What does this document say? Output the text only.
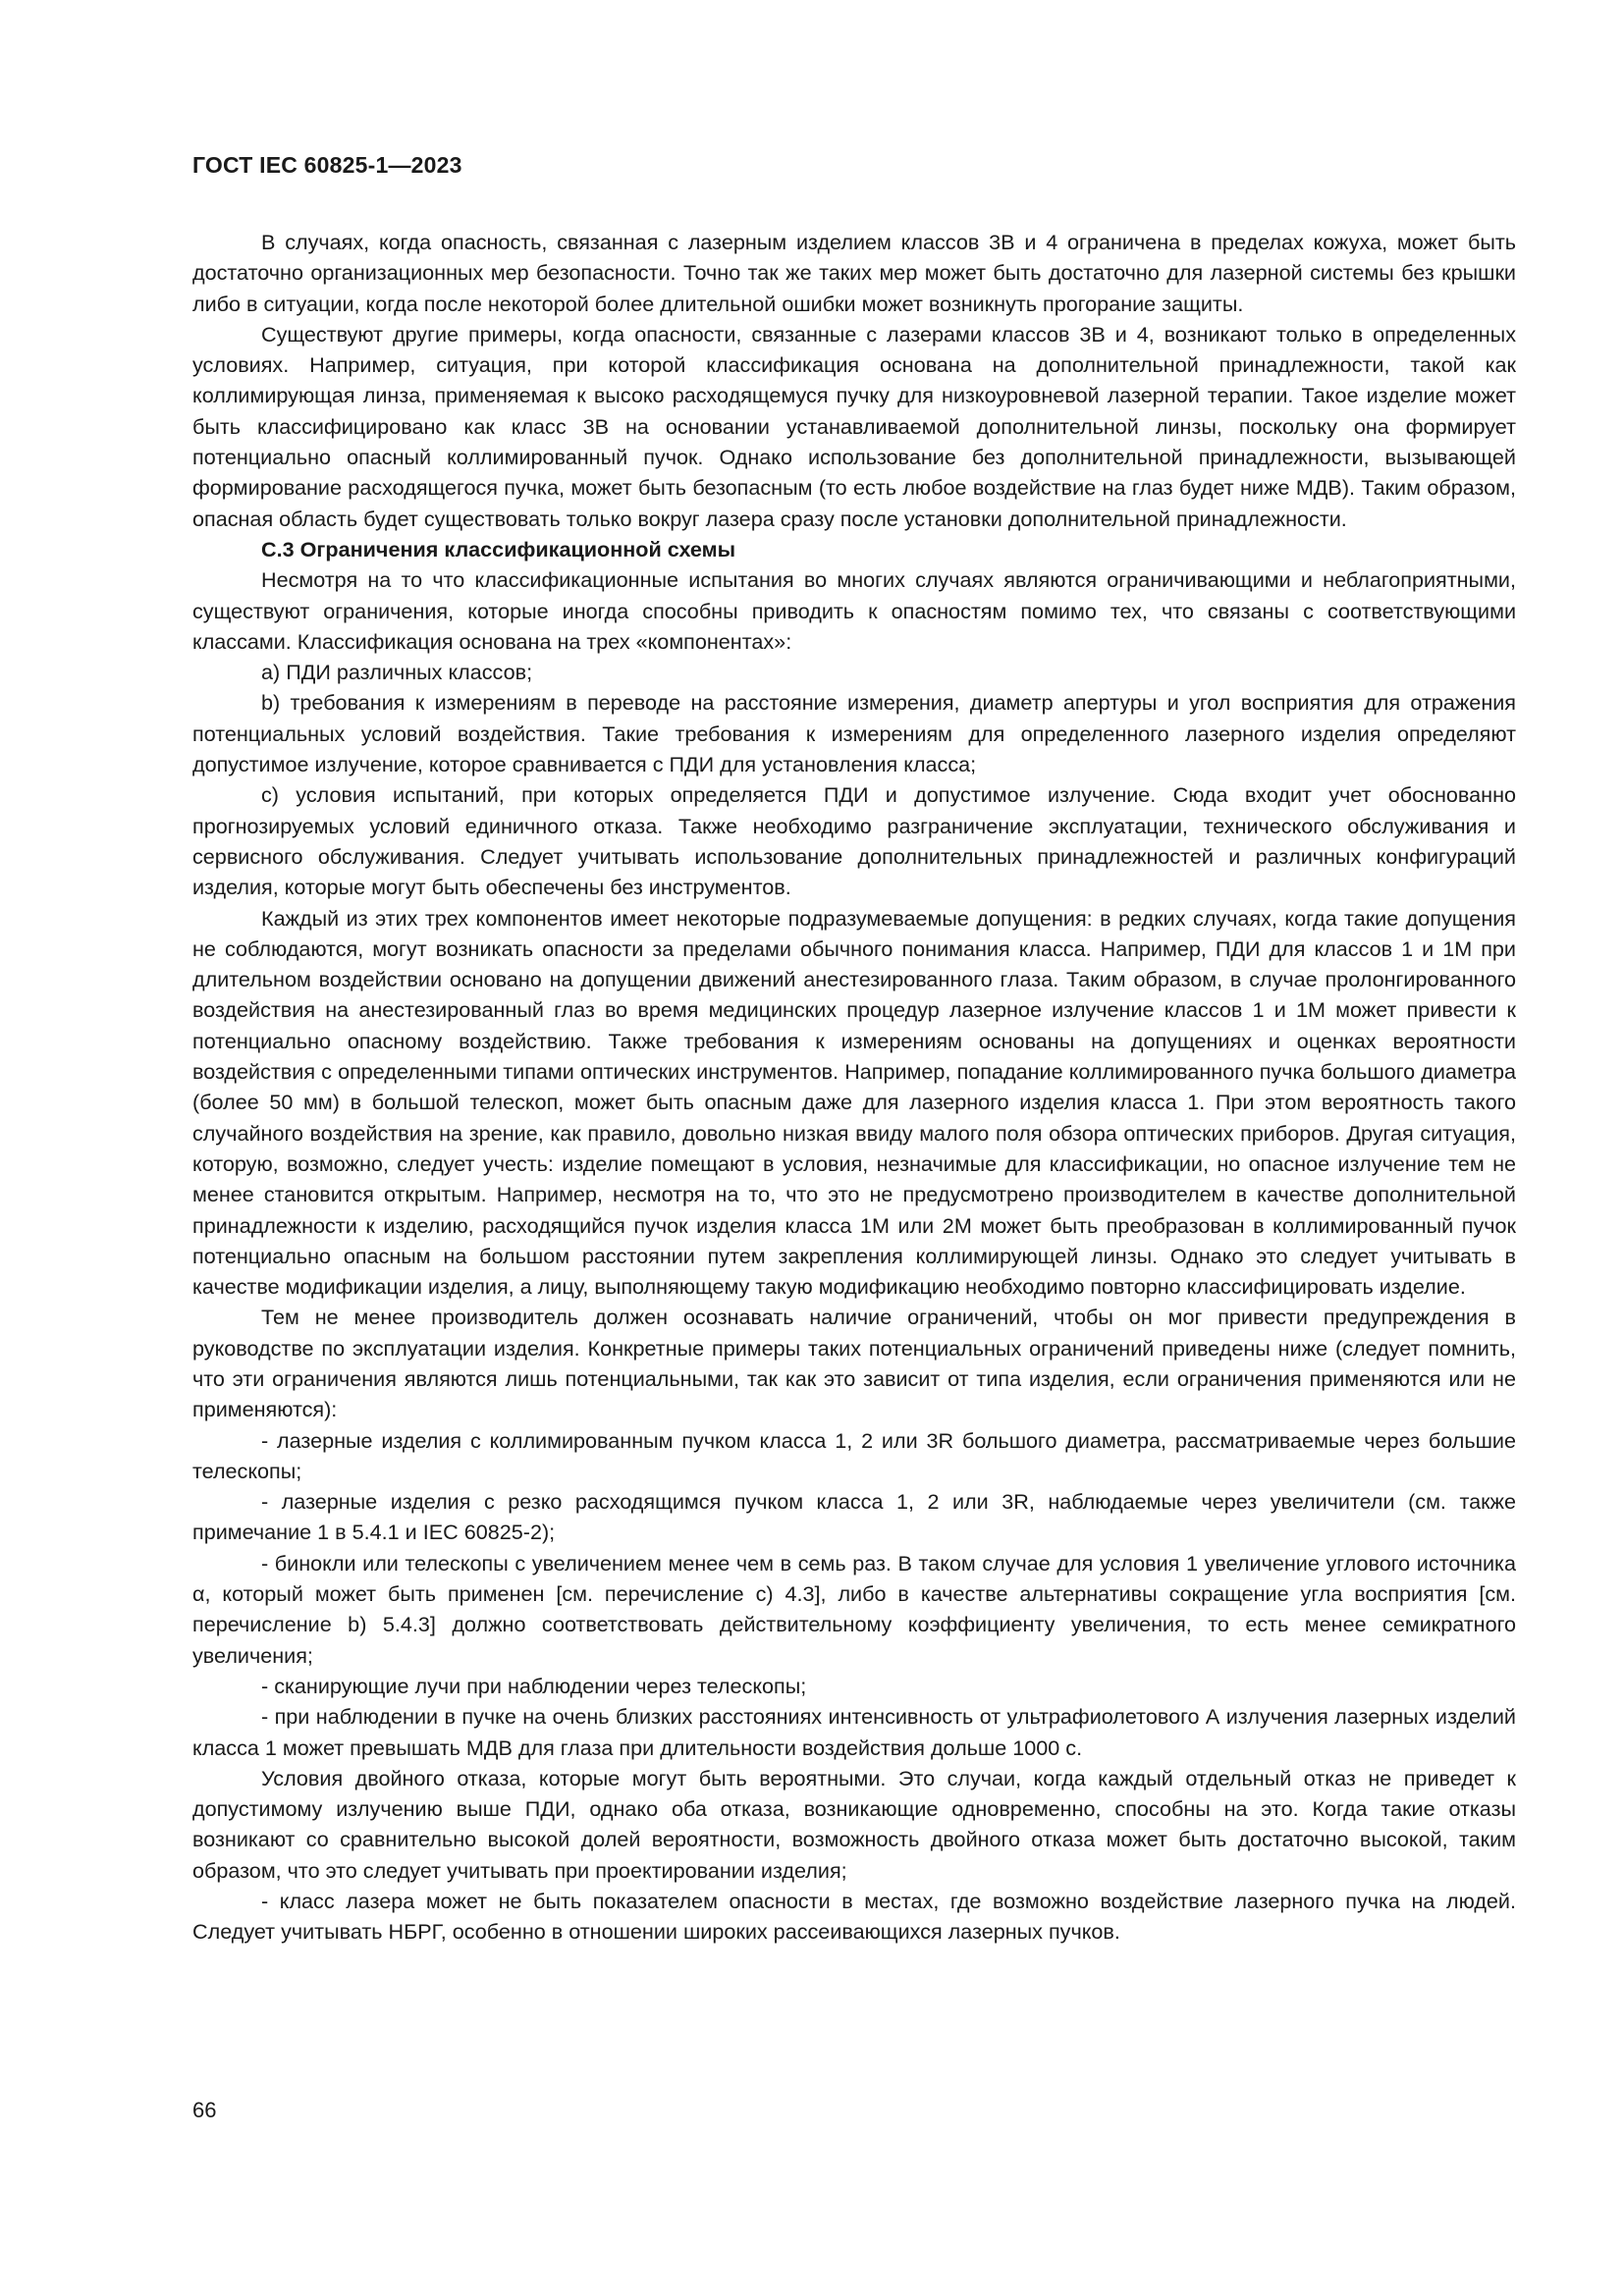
ГОСТ IEC 60825-1—2023

В случаях, когда опасность, связанная с лазерным изделием классов 3В и 4 ограничена в пределах кожуха, может быть достаточно организационных мер безопасности. Точно так же таких мер может быть достаточно для лазерной системы без крышки либо в ситуации, когда после некоторой более длительной ошибки может возникнуть прогорание защиты.

Существуют другие примеры, когда опасности, связанные с лазерами классов 3В и 4, возникают только в определенных условиях. Например, ситуация, при которой классификация основана на дополнительной принадлежности, такой как коллимирующая линза, применяемая к высоко расходящемуся пучку для низкоуровневой лазерной терапии. Такое изделие может быть классифицировано как класс 3В на основании устанавливаемой дополнительной линзы, поскольку она формирует потенциально опасный коллимированный пучок. Однако использование без дополнительной принадлежности, вызывающей формирование расходящегося пучка, может быть безопасным (то есть любое воздействие на глаз будет ниже МДВ). Таким образом, опасная область будет существовать только вокруг лазера сразу после установки дополнительной принадлежности.

С.3 Ограничения классификационной схемы

Несмотря на то что классификационные испытания во многих случаях являются ограничивающими и неблагоприятными, существуют ограничения, которые иногда способны приводить к опасностям помимо тех, что связаны с соответствующими классами. Классификация основана на трех «компонентах»:

a) ПДИ различных классов;

b) требования к измерениям в переводе на расстояние измерения, диаметр апертуры и угол восприятия для отражения потенциальных условий воздействия. Такие требования к измерениям для определенного лазерного изделия определяют допустимое излучение, которое сравнивается с ПДИ для установления класса;

c) условия испытаний, при которых определяется ПДИ и допустимое излучение. Сюда входит учет обоснованно прогнозируемых условий единичного отказа. Также необходимо разграничение эксплуатации, технического обслуживания и сервисного обслуживания. Следует учитывать использование дополнительных принадлежностей и различных конфигураций изделия, которые могут быть обеспечены без инструментов.

Каждый из этих трех компонентов имеет некоторые подразумеваемые допущения: в редких случаях, когда такие допущения не соблюдаются, могут возникать опасности за пределами обычного понимания класса. Например, ПДИ для классов 1 и 1М при длительном воздействии основано на допущении движений анестезированного глаза. Таким образом, в случае пролонгированного воздействия на анестезированный глаз во время медицинских процедур лазерное излучение классов 1 и 1М может привести к потенциально опасному воздействию. Также требования к измерениям основаны на допущениях и оценках вероятности воздействия с определенными типами оптических инструментов. Например, попадание коллимированного пучка большого диаметра (более 50 мм) в большой телескоп, может быть опасным даже для лазерного изделия класса 1. При этом вероятность такого случайного воздействия на зрение, как правило, довольно низкая ввиду малого поля обзора оптических приборов. Другая ситуация, которую, возможно, следует учесть: изделие помещают в условия, незначимые для классификации, но опасное излучение тем не менее становится открытым. Например, несмотря на то, что это не предусмотрено производителем в качестве дополнительной принадлежности к изделию, расходящийся пучок изделия класса 1М или 2М может быть преобразован в коллимированный пучок потенциально опасным на большом расстоянии путем закрепления коллимирующей линзы. Однако это следует учитывать в качестве модификации изделия, а лицу, выполняющему такую модификацию необходимо повторно классифицировать изделие.

Тем не менее производитель должен осознавать наличие ограничений, чтобы он мог привести предупреждения в руководстве по эксплуатации изделия. Конкретные примеры таких потенциальных ограничений приведены ниже (следует помнить, что эти ограничения являются лишь потенциальными, так как это зависит от типа изделия, если ограничения применяются или не применяются):

- лазерные изделия с коллимированным пучком класса 1, 2 или 3R большого диаметра, рассматриваемые через большие телескопы;

- лазерные изделия с резко расходящимся пучком класса 1, 2 или 3R, наблюдаемые через увеличители (см. также примечание 1 в 5.4.1 и IEC 60825-2);

- бинокли или телескопы с увеличением менее чем в семь раз. В таком случае для условия 1 увеличение углового источника α, который может быть применен [см. перечисление c) 4.3], либо в качестве альтернативы сокращение угла восприятия [см. перечисление b) 5.4.3] должно соответствовать действительному коэффициенту увеличения, то есть менее семикратного увеличения;

- сканирующие лучи при наблюдении через телескопы;

- при наблюдении в пучке на очень близких расстояниях интенсивность от ультрафиолетового А излучения лазерных изделий класса 1 может превышать МДВ для глаза при длительности воздействия дольше 1000 с.

Условия двойного отказа, которые могут быть вероятными. Это случаи, когда каждый отдельный отказ не приведет к допустимому излучению выше ПДИ, однако оба отказа, возникающие одновременно, способны на это. Когда такие отказы возникают со сравнительно высокой долей вероятности, возможность двойного отказа может быть достаточно высокой, таким образом, что это следует учитывать при проектировании изделия;

- класс лазера может не быть показателем опасности в местах, где возможно воздействие лазерного пучка на людей. Следует учитывать НБРГ, особенно в отношении широких рассеивающихся лазерных пучков.

66
